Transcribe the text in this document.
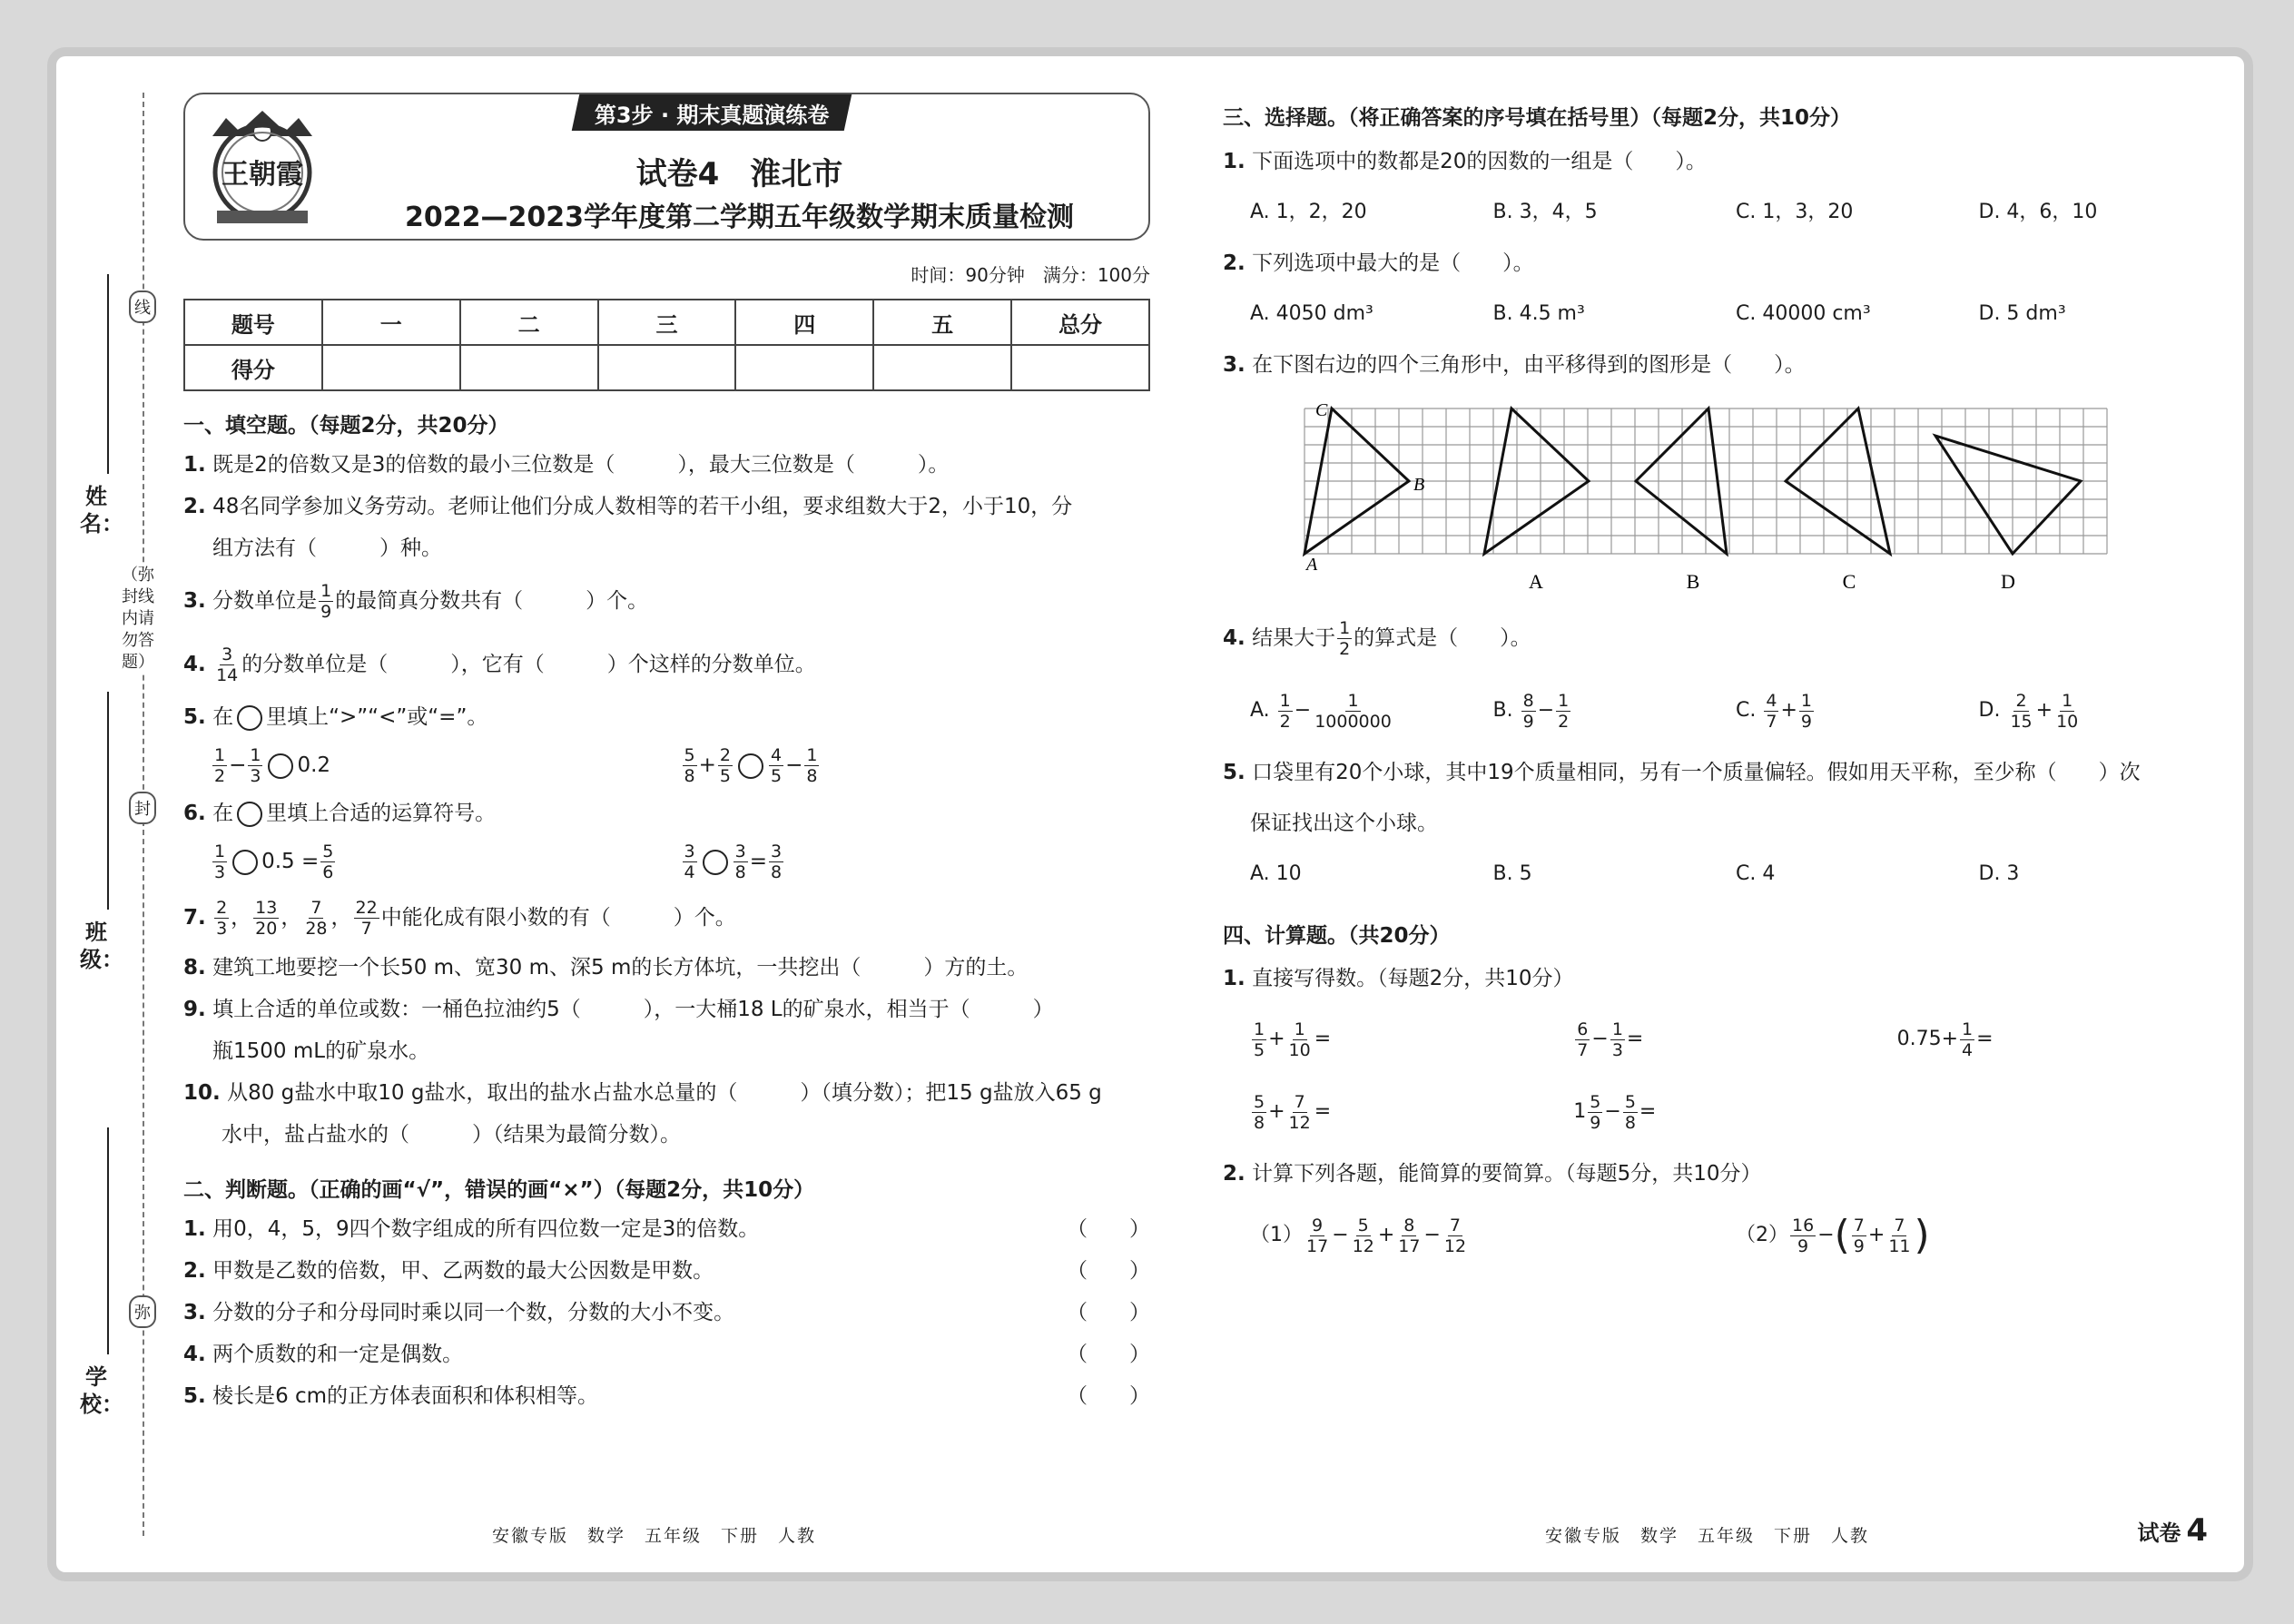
线
（弥封线内请勿答题）
封
弥
姓名：
班级：
学校：
王朝霞
第3步 · 期末真题演练卷
试卷4　淮北市
2022—2023学年度第二学期五年级数学期末质量检测
时间：90分钟　满分：100分
题号	一	二	三	四	五	总分
得分						
一、填空题。（每题2分，共20分）
1. 既是2的倍数又是3的倍数的最小三位数是（　　　），最大三位数是（　　　）。
2. 48名同学参加义务劳动。老师让他们分成人数相等的若干小组，要求组数大于2，小于10，分
组方法有（　　　）种。
3. 分数单位是 $\frac{1}{9}$ 的最简真分数共有（　　　）个。
4. $\frac{3}{14}$ 的分数单位是（　　　），它有（　　　）个这样的分数单位。
5. 在 里填上“>”“<”或“=”。
$\frac{1}{2} - \frac{1}{3} 0.2$	$\frac{5}{8} + \frac{2}{5} \frac{4}{5} - \frac{1}{8}$
6. 在 里填上合适的运算符号。
$\frac{1}{3} 0.5 = \frac{5}{6}$	$\frac{3}{4} \frac{3}{8} = \frac{3}{8}$
7. $\frac{2}{3}$ ， $\frac{13}{20}$ ， $\frac{7}{28}$ ， $\frac{22}{7}$ 中能化成有限小数的有（　　　）个。
8. 建筑工地要挖一个长50 m、宽30 m、深5 m的长方体坑，一共挖出（　　　）方的土。
9. 填上合适的单位或数：一桶色拉油约5（　　　），一大桶18 L的矿泉水，相当于（　　　）
瓶1500 mL的矿泉水。
10. 从80 g盐水中取10 g盐水，取出的盐水占盐水总量的（　　　）（填分数）；把15 g盐放入65 g
水中，盐占盐水的（　　　）（结果为最简分数）。
二、判断题。（正确的画“√”，错误的画“×”）（每题2分，共10分）
1. 用0，4，5，9四个数字组成的所有四位数一定是3的倍数。	（　　）
2. 甲数是乙数的倍数，甲、乙两数的最大公因数是甲数。	（　　）
3. 分数的分子和分母同时乘以同一个数，分数的大小不变。	（　　）
4. 两个质数的和一定是偶数。	（　　）
5. 棱长是6 cm的正方体表面积和体积相等。	（　　）
三、选择题。（将正确答案的序号填在括号里）（每题2分，共10分）
1. 下面选项中的数都是20的因数的一组是（　　）。
A. 1，2，20	B. 3，4，5	C. 1，3，20	D. 4，6，10
2. 下列选项中最大的是（　　）。
A. 4050 dm³	B. 4.5 m³	C. 40000 cm³	D. 5 dm³
3. 在下图右边的四个三角形中，由平移得到的图形是（　　）。
C
B
A
A	B	C	D
4. 结果大于 $\frac{1}{2}$ 的算式是（　　）。
A. $\frac{1}{2} - \frac{1}{1000000}$	B. $\frac{8}{9} - \frac{1}{2}$	C. $\frac{4}{7} + \frac{1}{9}$	D. $\frac{2}{15} + \frac{1}{10}$
5. 口袋里有20个小球，其中19个质量相同，另有一个质量偏轻。假如用天平称，至少称（　　）次
保证找出这个小球。
A. 10	B. 5	C. 4	D. 3
四、计算题。（共20分）
1. 直接写得数。（每题2分，共10分）
$\frac{1}{5} + \frac{1}{10}$ =	$\frac{6}{7} - \frac{1}{3}$ =	$0.75+ \frac{1}{4}$ =
$\frac{5}{8} + \frac{7}{12}$ =	$1 \frac{5}{9} - \frac{5}{8}$ =
2. 计算下列各题，能简算的要简算。（每题5分，共10分）
$(1) \frac{9}{17} - \frac{5}{12} + \frac{8}{17} - \frac{7}{12}$	$(2) \frac{16}{9}$ −( $\frac{7}{9} + \frac{7}{11}$ )
安徽专版　数学　五年级　下册　人教	安徽专版　数学　五年级　下册　人教	试卷 4
